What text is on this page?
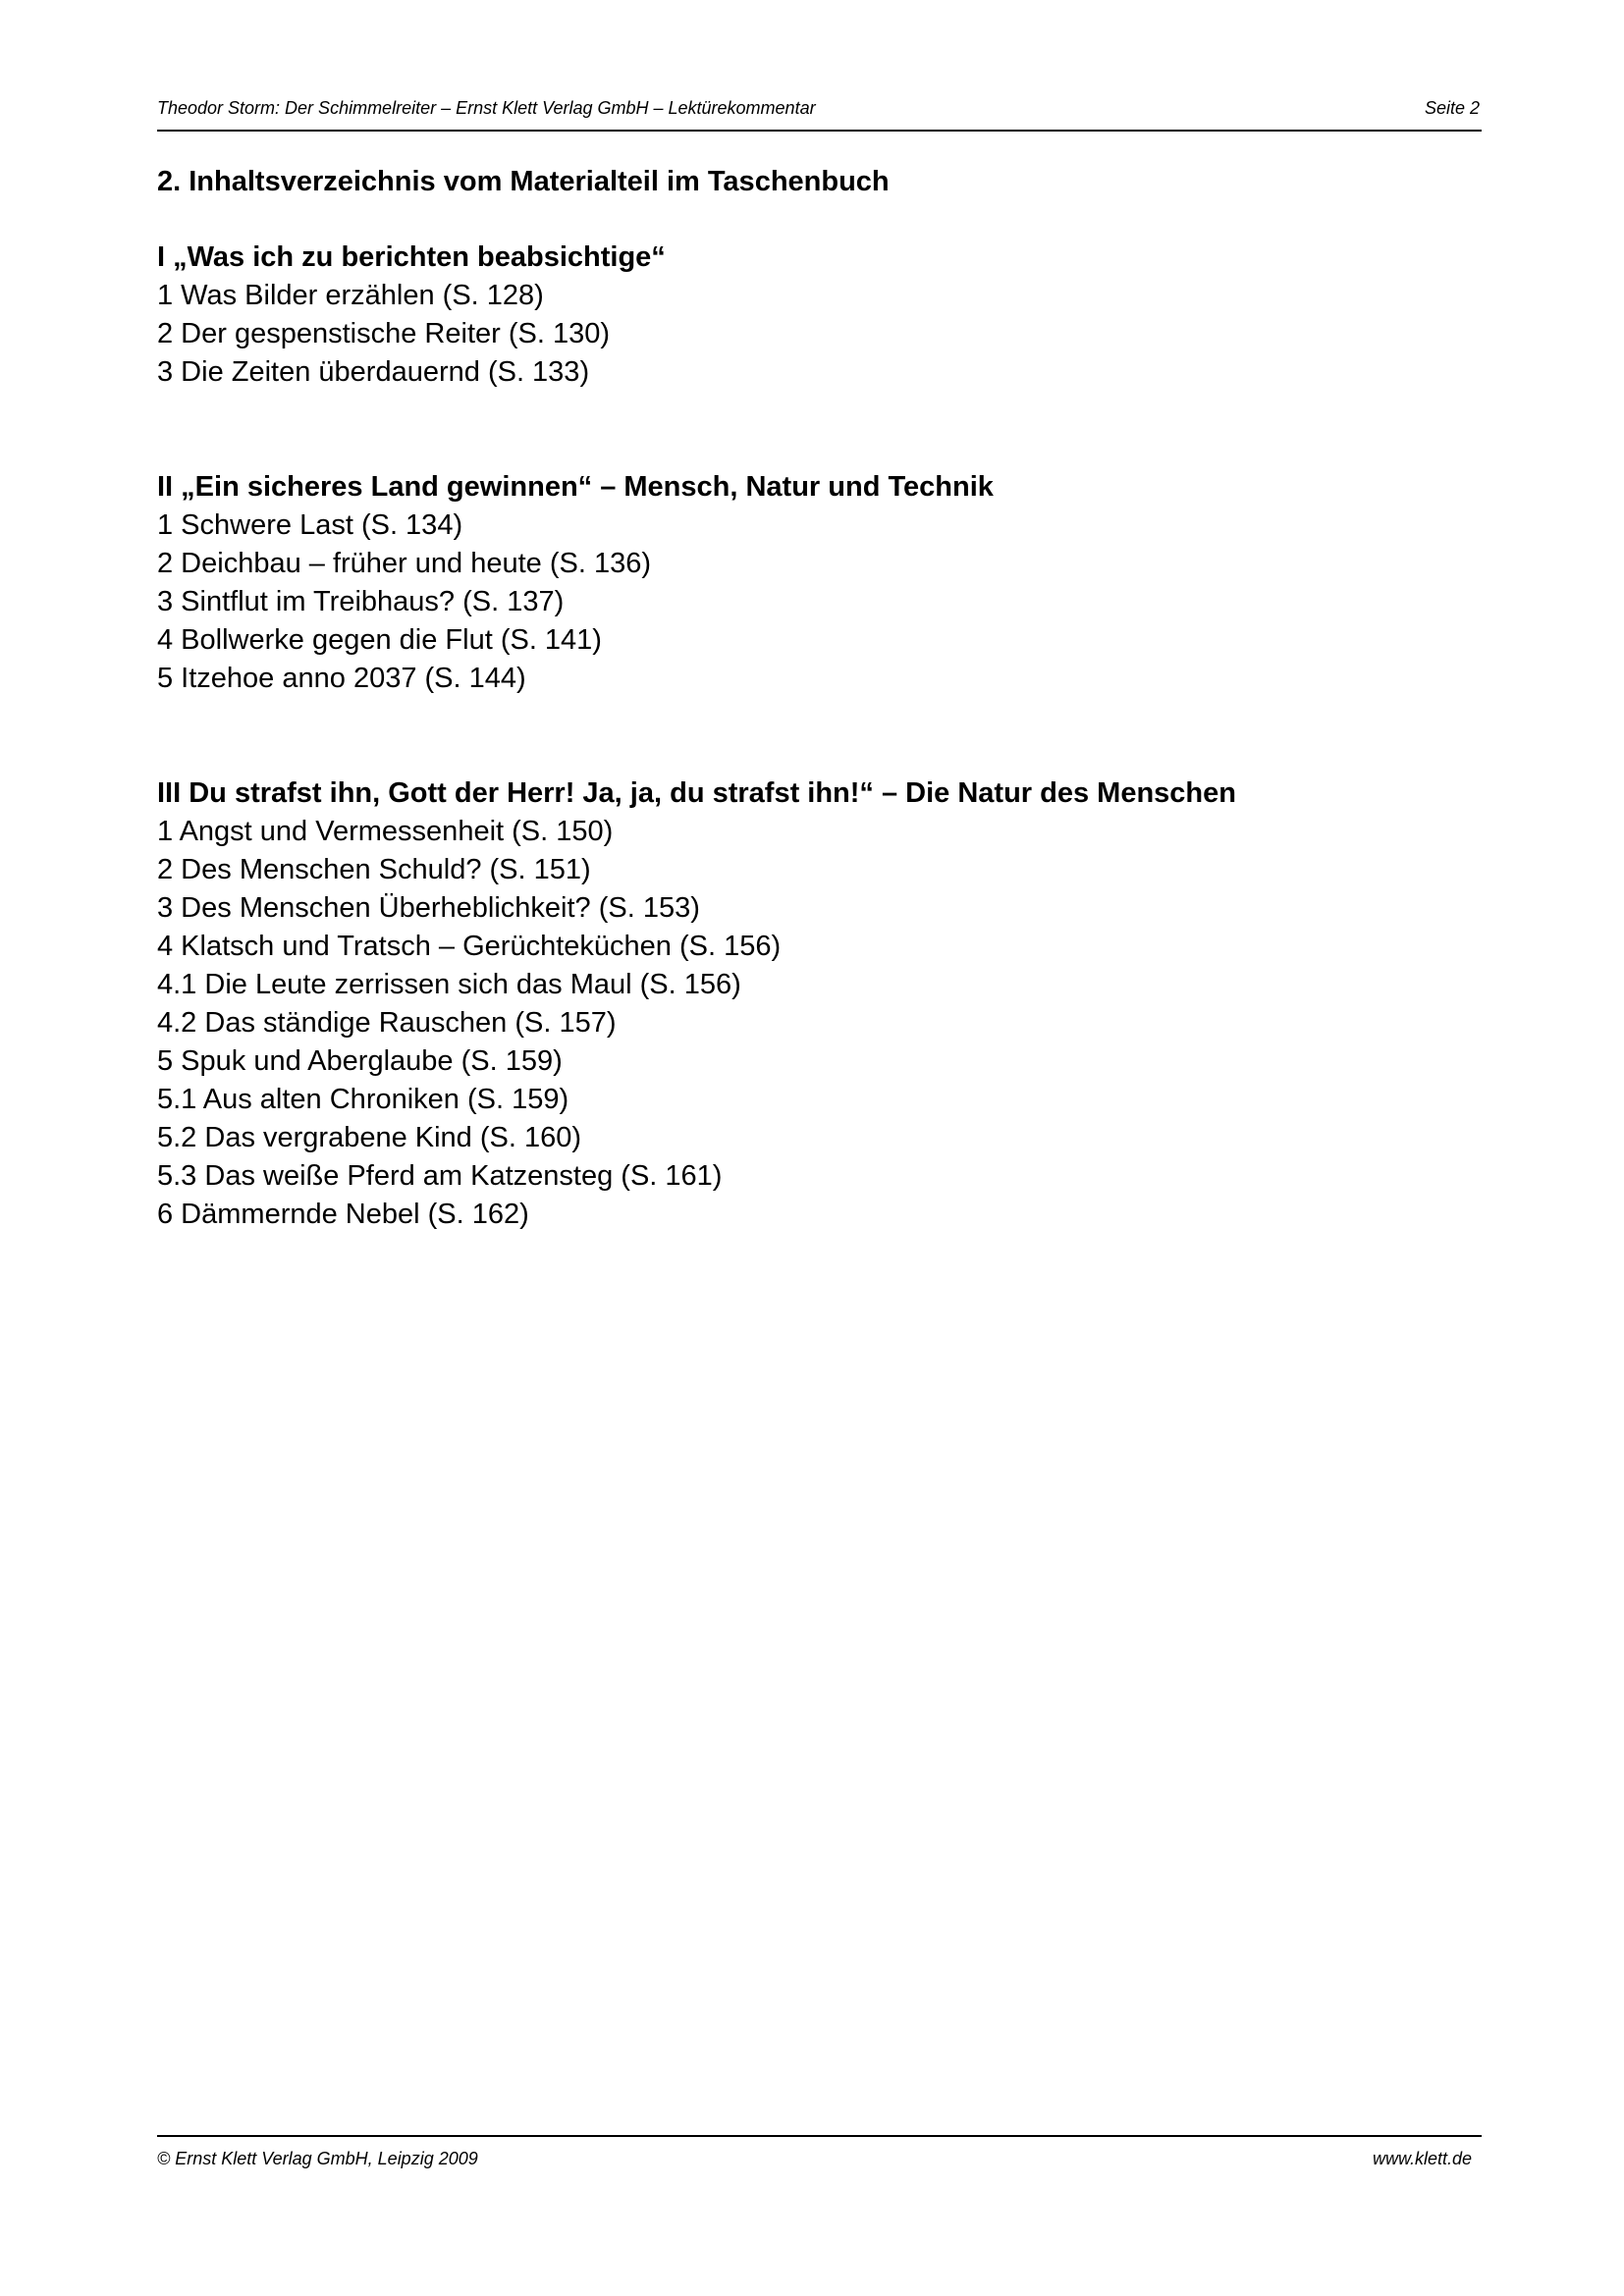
Theodor Storm: Der Schimmelreiter – Ernst Klett Verlag GmbH – Lektürekommentar	Seite 2
2. Inhaltsverzeichnis vom Materialteil im Taschenbuch
I „Was ich zu berichten beabsichtige“
1 Was Bilder erzählen (S. 128)
2 Der gespenstische Reiter (S. 130)
3 Die Zeiten überdauernd (S. 133)
II „Ein sicheres Land gewinnen“ – Mensch, Natur und Technik
1 Schwere Last (S. 134)
2 Deichbau – früher und heute (S. 136)
3 Sintflut im Treibhaus? (S. 137)
4 Bollwerke gegen die Flut (S. 141)
5 Itzehoe anno 2037 (S. 144)
III Du strafst ihn, Gott der Herr! Ja, ja, du strafst ihn!“ – Die Natur des Menschen
1 Angst und Vermessenheit (S. 150)
2 Des Menschen Schuld? (S. 151)
3 Des Menschen Überheblichkeit? (S. 153)
4 Klatsch und Tratsch – Gerüchteküchen (S. 156)
4.1 Die Leute zerrissen sich das Maul (S. 156)
4.2 Das ständige Rauschen (S. 157)
5 Spuk und Aberglaube (S. 159)
5.1 Aus alten Chroniken (S. 159)
5.2 Das vergrabene Kind (S. 160)
5.3 Das weiße Pferd am Katzensteg (S. 161)
6 Dämmernde Nebel (S. 162)
© Ernst Klett Verlag GmbH, Leipzig 2009	www.klett.de
